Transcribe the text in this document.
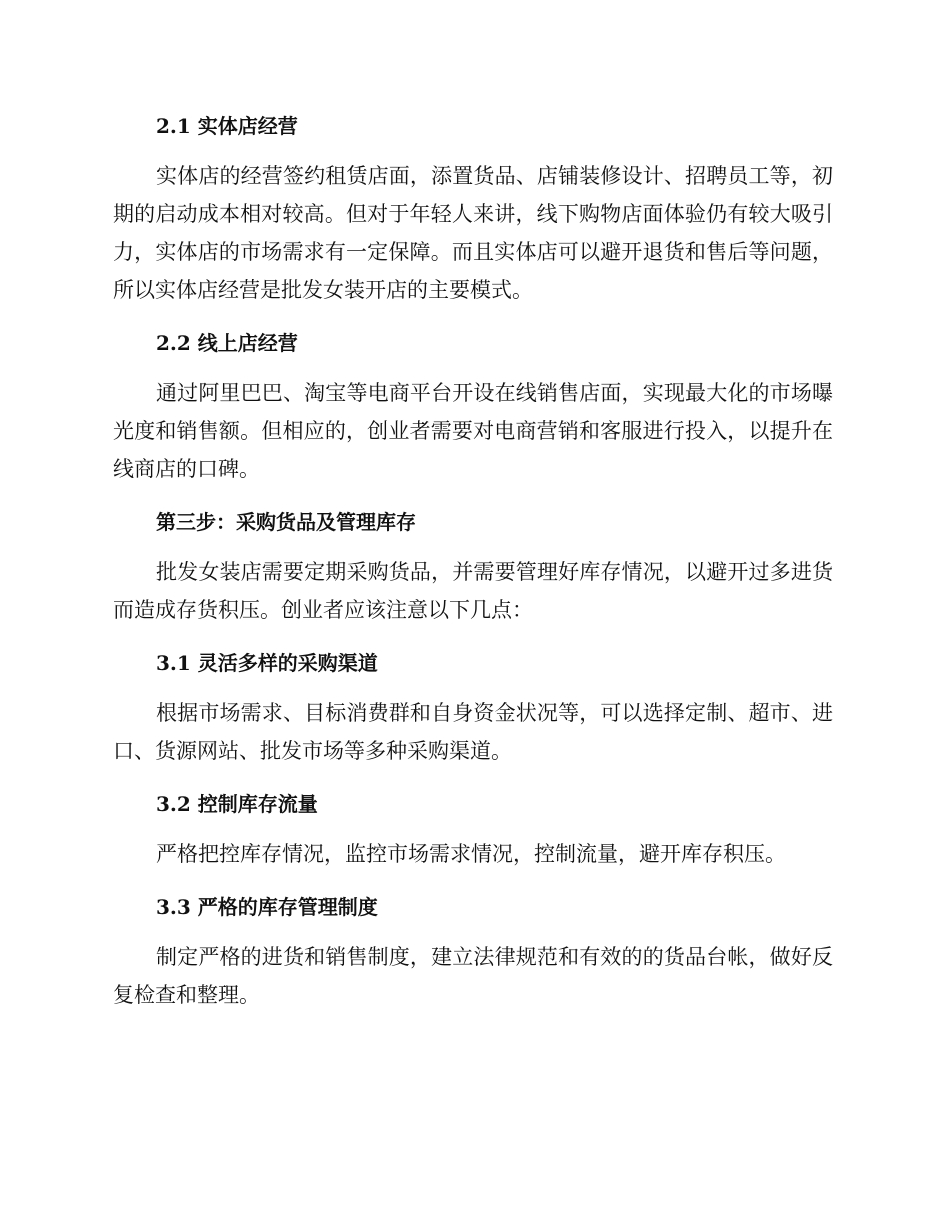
2.1 实体店经营

实体店的经营签约租赁店面，添置货品、店铺装修设计、招聘员工等，初期的启动成本相对较高。但对于年轻人来讲，线下购物店面体验仍有较大吸引力，实体店的市场需求有一定保障。而且实体店可以避开退货和售后等问题，所以实体店经营是批发女装开店的主要模式。

2.2 线上店经营

通过阿里巴巴、淘宝等电商平台开设在线销售店面，实现最大化的市场曝光度和销售额。但相应的，创业者需要对电商营销和客服进行投入，以提升在线商店的口碑。

第三步：采购货品及管理库存

批发女装店需要定期采购货品，并需要管理好库存情况，以避开过多进货而造成存货积压。创业者应该注意以下几点：

3.1 灵活多样的采购渠道

根据市场需求、目标消费群和自身资金状况等，可以选择定制、超市、进口、货源网站、批发市场等多种采购渠道。

3.2 控制库存流量

严格把控库存情况，监控市场需求情况，控制流量，避开库存积压。

3.3 严格的库存管理制度

制定严格的进货和销售制度，建立法律规范和有效的的货品台帐，做好反复检查和整理。
